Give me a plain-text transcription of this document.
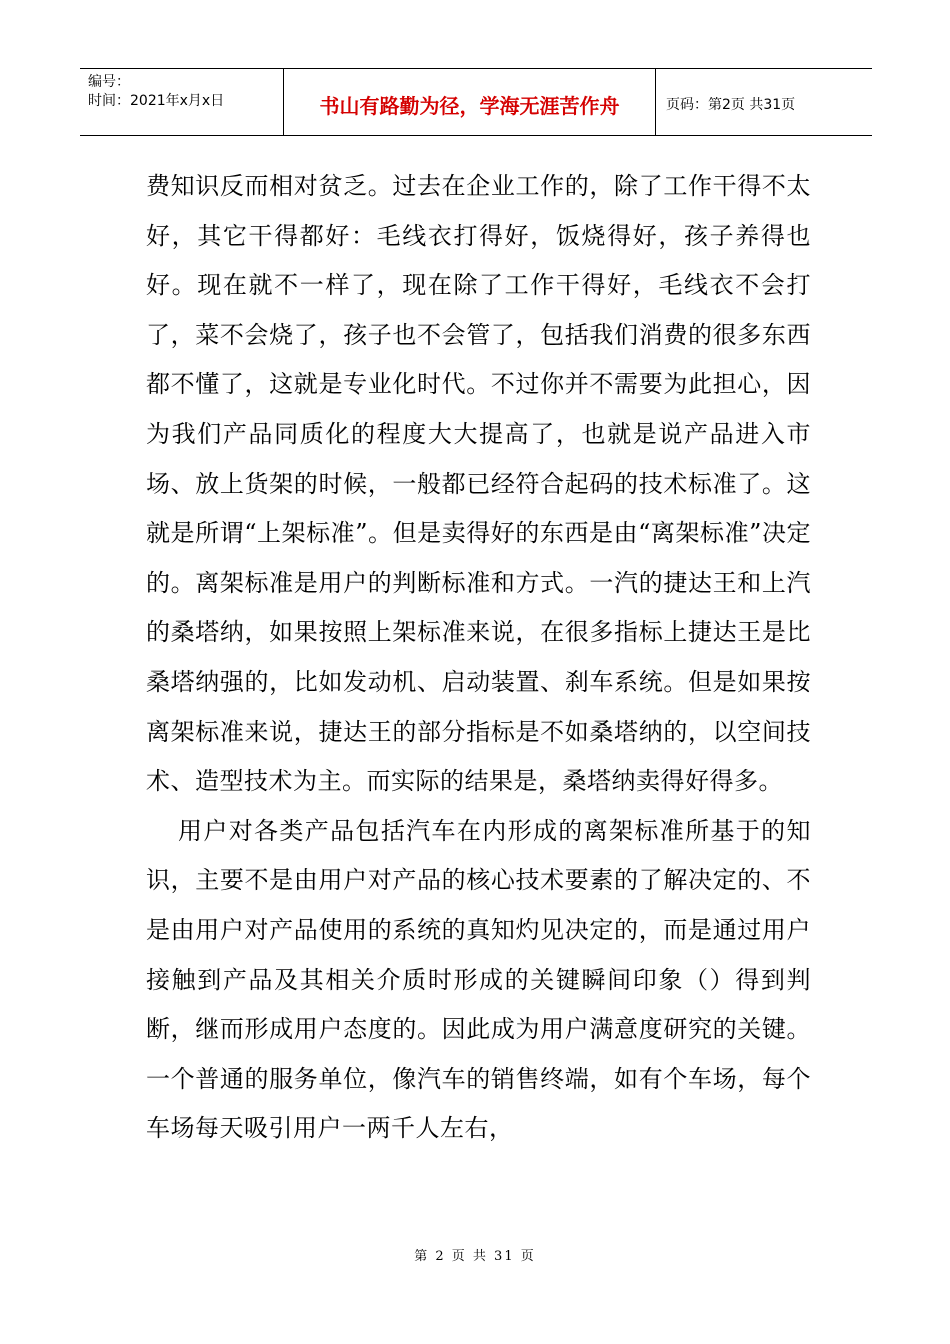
编号：
时间：2021年x月x日	书山有路勤为径，学海无涯苦作舟	页码：第2页 共31页

费知识反而相对贫乏。过去在企业工作的，除了工作干得不太好，其它干得都好：毛线衣打得好，饭烧得好，孩子养得也好。现在就不一样了，现在除了工作干得好，毛线衣不会打了，菜不会烧了，孩子也不会管了，包括我们消费的很多东西都不懂了，这就是专业化时代。不过你并不需要为此担心，因为我们产品同质化的程度大大提高了，也就是说产品进入市场、放上货架的时候，一般都已经符合起码的技术标准了。这就是所谓“上架标准”。但是卖得好的东西是由“离架标准”决定的。离架标准是用户的判断标准和方式。一汽的捷达王和上汽的桑塔纳，如果按照上架标准来说，在很多指标上捷达王是比桑塔纳强的，比如发动机、启动装置、刹车系统。但是如果按离架标准来说，捷达王的部分指标是不如桑塔纳的，以空间技术、造型技术为主。而实际的结果是，桑塔纳卖得好得多。

用户对各类产品包括汽车在内形成的离架标准所基于的知识，主要不是由用户对产品的核心技术要素的了解决定的、不是由用户对产品使用的系统的真知灼见决定的，而是通过用户接触到产品及其相关介质时形成的关键瞬间印象（）得到判断，继而形成用户态度的。因此成为用户满意度研究的关键。一个普通的服务单位，像汽车的销售终端，如有个车场，每个车场每天吸引用户一两千人左右，

第 2 页 共 31 页
